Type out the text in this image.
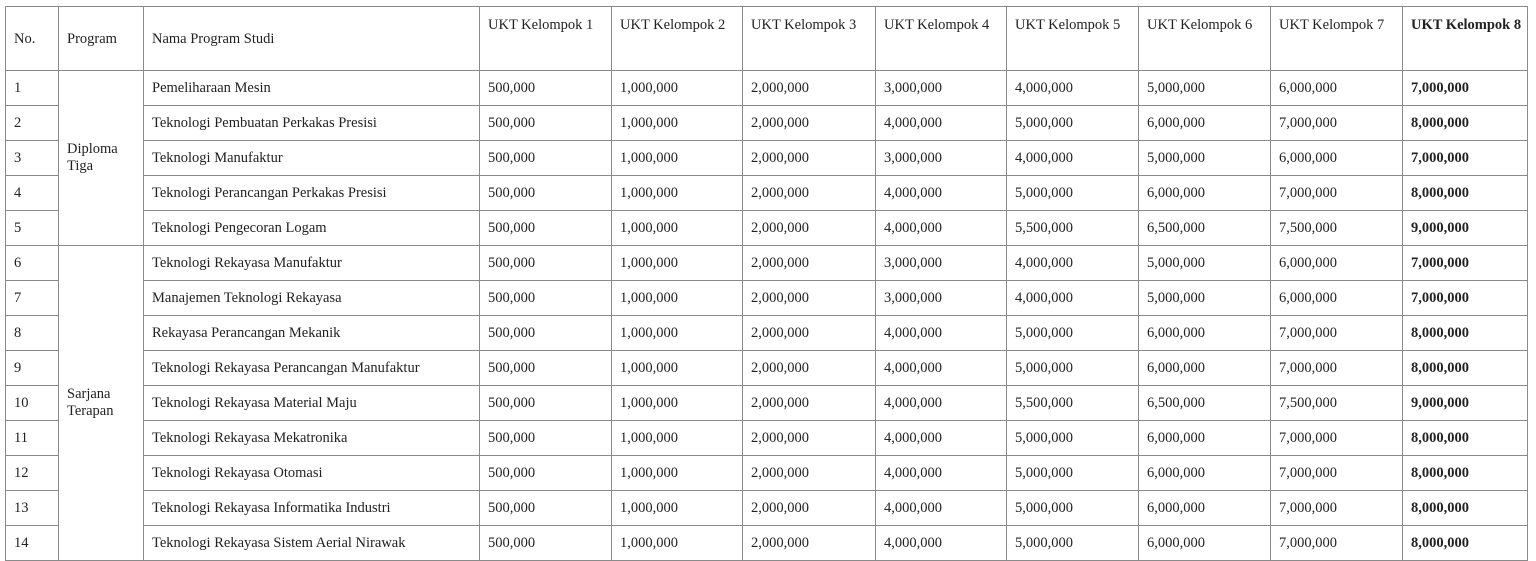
No.	Program	Nama Program Studi	UKT Kelompok 1	UKT Kelompok 2	UKT Kelompok 3	UKT Kelompok 4	UKT Kelompok 5	UKT Kelompok 6	UKT Kelompok 7	UKT Kelompok 8
1	Diploma Tiga	Pemeliharaan Mesin	500,000	1,000,000	2,000,000	3,000,000	4,000,000	5,000,000	6,000,000	7,000,000
2		Teknologi Pembuatan Perkakas Presisi	500,000	1,000,000	2,000,000	4,000,000	5,000,000	6,000,000	7,000,000	8,000,000
3		Teknologi Manufaktur	500,000	1,000,000	2,000,000	3,000,000	4,000,000	5,000,000	6,000,000	7,000,000
4		Teknologi Perancangan Perkakas Presisi	500,000	1,000,000	2,000,000	4,000,000	5,000,000	6,000,000	7,000,000	8,000,000
5		Teknologi Pengecoran Logam	500,000	1,000,000	2,000,000	4,000,000	5,500,000	6,500,000	7,500,000	9,000,000
6	Sarjana Terapan	Teknologi Rekayasa Manufaktur	500,000	1,000,000	2,000,000	3,000,000	4,000,000	5,000,000	6,000,000	7,000,000
7		Manajemen Teknologi Rekayasa	500,000	1,000,000	2,000,000	3,000,000	4,000,000	5,000,000	6,000,000	7,000,000
8		Rekayasa Perancangan Mekanik	500,000	1,000,000	2,000,000	4,000,000	5,000,000	6,000,000	7,000,000	8,000,000
9		Teknologi Rekayasa Perancangan Manufaktur	500,000	1,000,000	2,000,000	4,000,000	5,000,000	6,000,000	7,000,000	8,000,000
10		Teknologi Rekayasa Material Maju	500,000	1,000,000	2,000,000	4,000,000	5,500,000	6,500,000	7,500,000	9,000,000
11		Teknologi Rekayasa Mekatronika	500,000	1,000,000	2,000,000	4,000,000	5,000,000	6,000,000	7,000,000	8,000,000
12		Teknologi Rekayasa Otomasi	500,000	1,000,000	2,000,000	4,000,000	5,000,000	6,000,000	7,000,000	8,000,000
13		Teknologi Rekayasa Informatika Industri	500,000	1,000,000	2,000,000	4,000,000	5,000,000	6,000,000	7,000,000	8,000,000
14		Teknologi Rekayasa Sistem Aerial Nirawak	500,000	1,000,000	2,000,000	4,000,000	5,000,000	6,000,000	7,000,000	8,000,000
